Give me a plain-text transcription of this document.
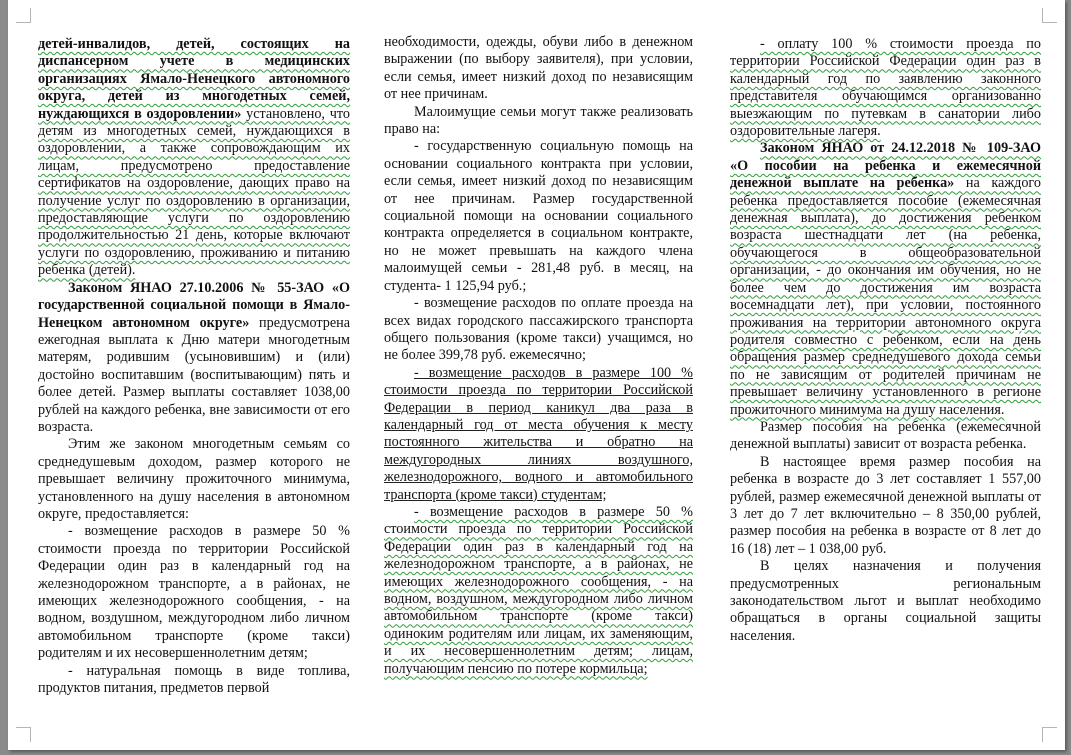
детей-инвалидов, детей, состоящих на диспансерном учете в медицинских организациях Ямало-Ненецкого автономного округа, детей из многодетных семей, нуждающихся в оздоровлении» установлено, что детям из многодетных семей, нуждающихся в оздоровлении, а также сопровождающим их лицам, предусмотрено предоставление сертификатов на оздоровление, дающих право на получение услуг по оздоровлению в организации, предоставляющие услуги по оздоровлению продолжительностью 21 день, которые включают услуги по оздоровлению, проживанию и питанию ребенка (детей).

Законом ЯНАО 27.10.2006 № 55-ЗАО «О государственной социальной помощи в Ямало-Ненецком автономном округе» предусмотрена ежегодная выплата к Дню матери многодетным матерям, родившим (усыновившим) и (или) достойно воспитавшим (воспитывающим) пять и более детей. Размер выплаты составляет 1038,00 рублей на каждого ребенка, вне зависимости от его возраста.

Этим же законом многодетным семьям со среднедушевым доходом, размер которого не превышает величину прожиточного минимума, установленного на душу населения в автономном округе, предоставляется:

- возмещение расходов в размере 50 % стоимости проезда по территории Российской Федерации один раз в календарный год на железнодорожном транспорте, а в районах, не имеющих железнодорожного сообщения, - на водном, воздушном, междугородном либо личном автомобильном транспорте (кроме такси) родителям и их несовершеннолетним детям;

- натуральная помощь в виде топлива, продуктов питания, предметов первой

необходимости, одежды, обуви либо в денежном выражении (по выбору заявителя), при условии, если семья, имеет низкий доход по независящим от нее причинам.

Малоимущие семьи могут также реализовать право на:

- государственную социальную помощь на основании социального контракта при условии, если семья, имеет низкий доход по независящим от нее причинам. Размер государственной социальной помощи на основании социального контракта определяется в социальном контракте, но не может превышать на каждого члена малоимущей семьи - 281,48 руб. в месяц, на студента- 1 125,94 руб.;

- возмещение расходов по оплате проезда на всех видах городского пассажирского транспорта общего пользования (кроме такси) учащимся, но не более 399,78 руб. ежемесячно;

- возмещение расходов в размере 100 % стоимости проезда по территории Российской Федерации в период каникул два раза в календарный год от места обучения к месту постоянного жительства и обратно на междугородных линиях воздушного, железнодорожного, водного и автомобильного транспорта (кроме такси) студентам;

- возмещение расходов в размере 50 % стоимости проезда по территории Российской Федерации один раз в календарный год на железнодорожном транспорте, а в районах, не имеющих железнодорожного сообщения, - на водном, воздушном, междугородном либо личном автомобильном транспорте (кроме такси) одиноким родителям или лицам, их заменяющим, и их несовершеннолетним детям; лицам, получающим пенсию по потере кормильца;

- оплату 100 % стоимости проезда по территории Российской Федерации один раз в календарный год по заявлению законного представителя обучающимся организованно выезжающим по путевкам в санатории либо оздоровительные лагеря.

Законом ЯНАО от 24.12.2018 № 109-ЗАО «О пособии на ребенка и ежемесячной денежной выплате на ребенка» на каждого ребенка предоставляется пособие (ежемесячная денежная выплата), до достижения ребенком возраста шестнадцати лет (на ребенка, обучающегося в общеобразовательной организации, - до окончания им обучения, но не более чем до достижения им возраста восемнадцати лет), при условии, постоянного проживания на территории автономного округа родителя совместно с ребенком, если на день обращения размер среднедушевого дохода семьи по не зависящим от родителей причинам не превышает величину установленного в регионе прожиточного минимума на душу населения.

Размер пособия на ребенка (ежемесячной денежной выплаты) зависит от возраста ребенка.

В настоящее время размер пособия на ребенка в возрасте до 3 лет составляет 1 557,00 рублей, размер ежемесячной денежной выплаты от 3 лет до 7 лет включительно – 8 350,00 рублей, размер пособия на ребенка в возрасте от 8 лет до 16 (18) лет – 1 038,00 руб.

В целях назначения и получения предусмотренных региональным законодательством льгот и выплат необходимо обращаться в органы социальной защиты населения.
